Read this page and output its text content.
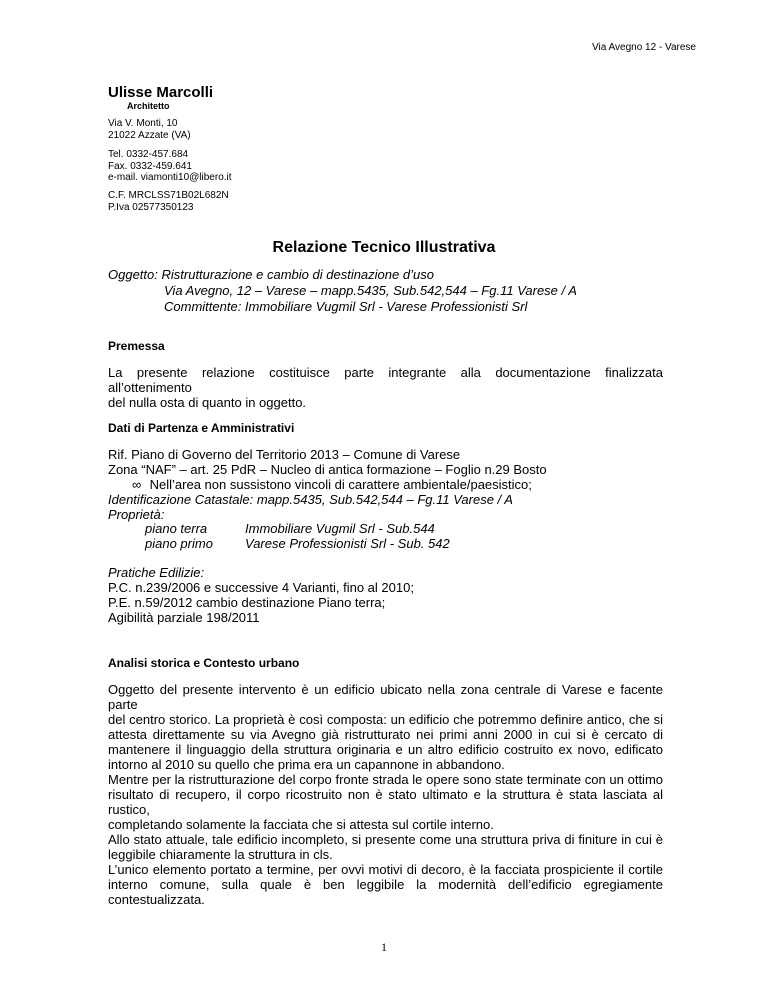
Via Avegno 12 - Varese
Ulisse Marcolli
Architetto
Via V. Monti, 10
21022 Azzate (VA)
Tel. 0332-457.684
Fax. 0332-459.641
e-mail. viamonti10@libero.it
C.F. MRCLSS71B02L682N
P.Iva 02577350123
Relazione Tecnico Illustrativa
Oggetto: Ristrutturazione e cambio di destinazione d’uso
Via Avegno, 12 – Varese – mapp.5435, Sub.542,544 – Fg.11 Varese / A
Committente: Immobiliare Vugmil Srl - Varese Professionisti Srl
Premessa
La presente relazione costituisce parte integrante alla documentazione finalizzata all’ottenimento
del nulla osta di quanto in oggetto.
Dati di Partenza e Amministrativi
Rif. Piano di Governo del Territorio 2013 – Comune di Varese
Zona “NAF” – art. 25 PdR – Nucleo di antica formazione – Foglio n.29 Bosto
∞ Nell’area non sussistono vincoli di carattere ambientale/paesistico;
Identificazione Catastale: mapp.5435, Sub.542,544 – Fg.11 Varese / A
Proprietà:
piano terra	Immobiliare Vugmil Srl - Sub.544
piano primo Varese Professionisti Srl - Sub. 542
Pratiche Edilizie:
P.C. n.239/2006 e successive 4 Varianti, fino al 2010;
P.E. n.59/2012 cambio destinazione Piano terra;
Agibilità parziale 198/2011
Analisi storica e Contesto urbano
Oggetto del presente intervento è un edificio ubicato nella zona centrale di Varese e facente parte
del centro storico. La proprietà è così composta: un edificio che potremmo definire antico, che si
attesta direttamente su via Avegno già ristrutturato nei primi anni 2000 in cui si è cercato di
mantenere il linguaggio della struttura originaria e un altro edificio costruito ex novo, edificato
intorno al 2010 su quello che prima era un capannone in abbandono.
Mentre per la ristrutturazione del corpo fronte strada le opere sono state terminate con un ottimo
risultato di recupero, il corpo ricostruito non è stato ultimato e la struttura è stata lasciata al rustico,
completando solamente la facciata che si attesta sul cortile interno.
Allo stato attuale, tale edificio incompleto, si presente come una struttura priva di finiture in cui è
leggibile chiaramente la struttura in cls.
L’unico elemento portato a termine, per ovvi motivi di decoro, è la facciata prospiciente il cortile
interno comune, sulla quale è ben leggibile la modernità dell’edificio egregiamente
contestualizzata.
1
